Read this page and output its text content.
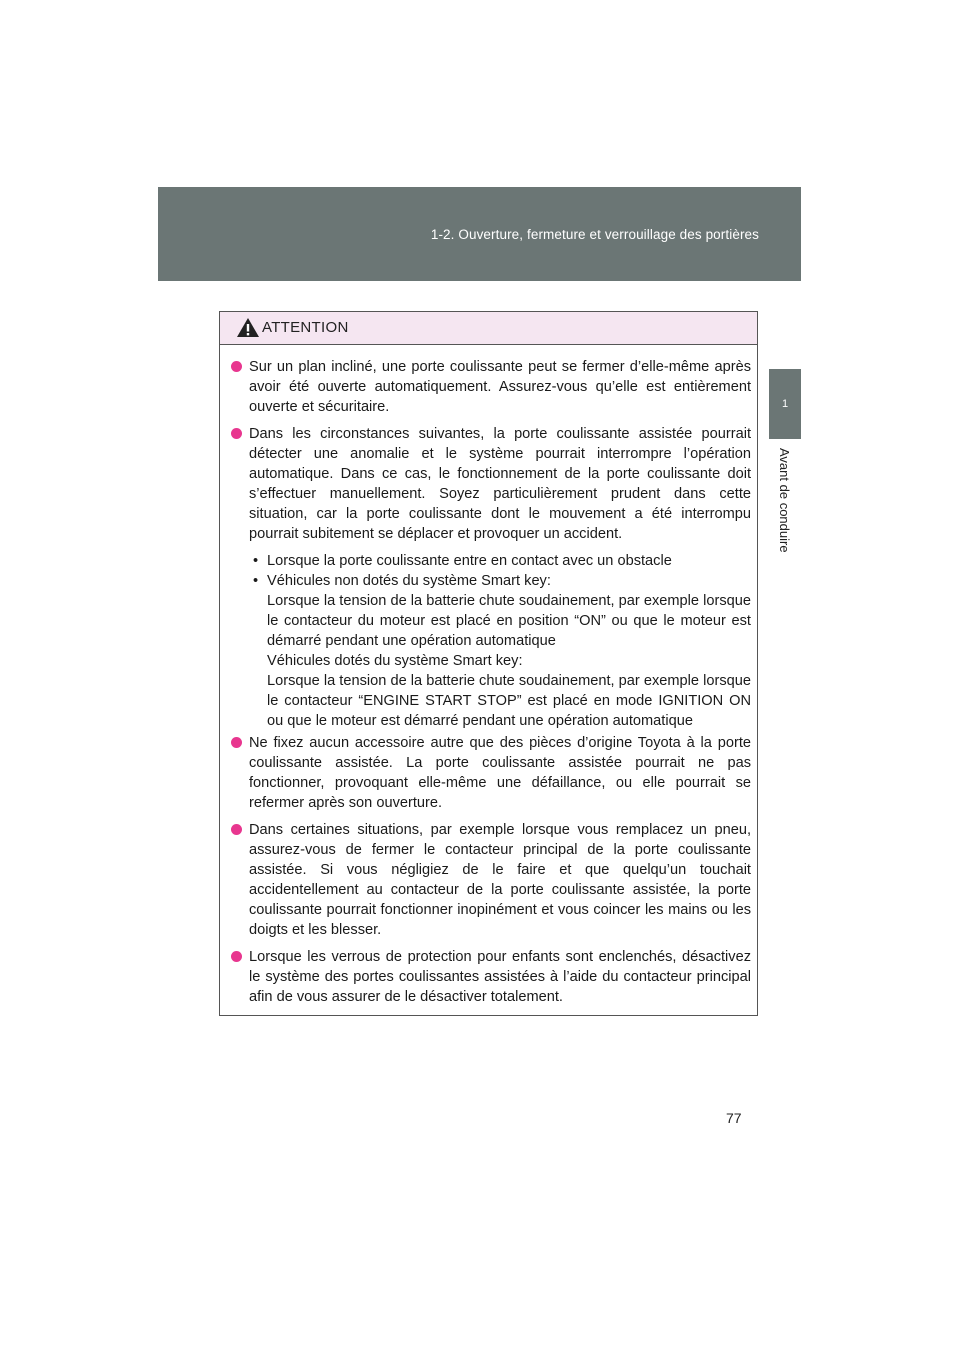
1-2. Ouverture, fermeture et verrouillage des portières
1
Avant de conduire
ATTENTION
Sur un plan incliné, une porte coulissante peut se fermer d’elle-même après avoir été ouverte automatiquement. Assurez-vous qu’elle est entièrement ouverte et sécuritaire.
Dans les circonstances suivantes, la porte coulissante assistée pourrait détecter une anomalie et le système pourrait interrompre l’opération automatique. Dans ce cas, le fonctionnement de la porte coulissante doit s’effectuer manuellement. Soyez particulièrement prudent dans cette situation, car la porte coulissante dont le mouvement a été interrompu pourrait subitement se déplacer et provoquer un accident.
• Lorsque la porte coulissante entre en contact avec un obstacle

• Véhicules non dotés du système Smart key:

Lorsque la tension de la batterie chute soudainement, par exemple lorsque le contacteur du moteur est placé en position “ON” ou que le moteur est démarré pendant une opération automatique

Véhicules dotés du système Smart key:

Lorsque la tension de la batterie chute soudainement, par exemple lorsque le contacteur “ENGINE START STOP” est placé en mode IGNITION ON ou que le moteur est démarré pendant une opération automatique

Ne fixez aucun accessoire autre que des pièces d’origine Toyota à la porte coulissante assistée. La porte coulissante assistée pourrait ne pas fonctionner, provoquant elle-même une défaillance, ou elle pourrait se refermer après son ouverture.
Dans certaines situations, par exemple lorsque vous remplacez un pneu, assurez-vous de fermer le contacteur principal de la porte coulissante assistée. Si vous négligiez de le faire et que quelqu’un touchait accidentellement au contacteur de la porte coulissante assistée, la porte coulissante pourrait fonctionner inopinément et vous coincer les mains ou les doigts et les blesser.
Lorsque les verrous de protection pour enfants sont enclenchés, désactivez le système des portes coulissantes assistées à l’aide du contacteur principal afin de vous assurer de le désactiver totalement.
77
